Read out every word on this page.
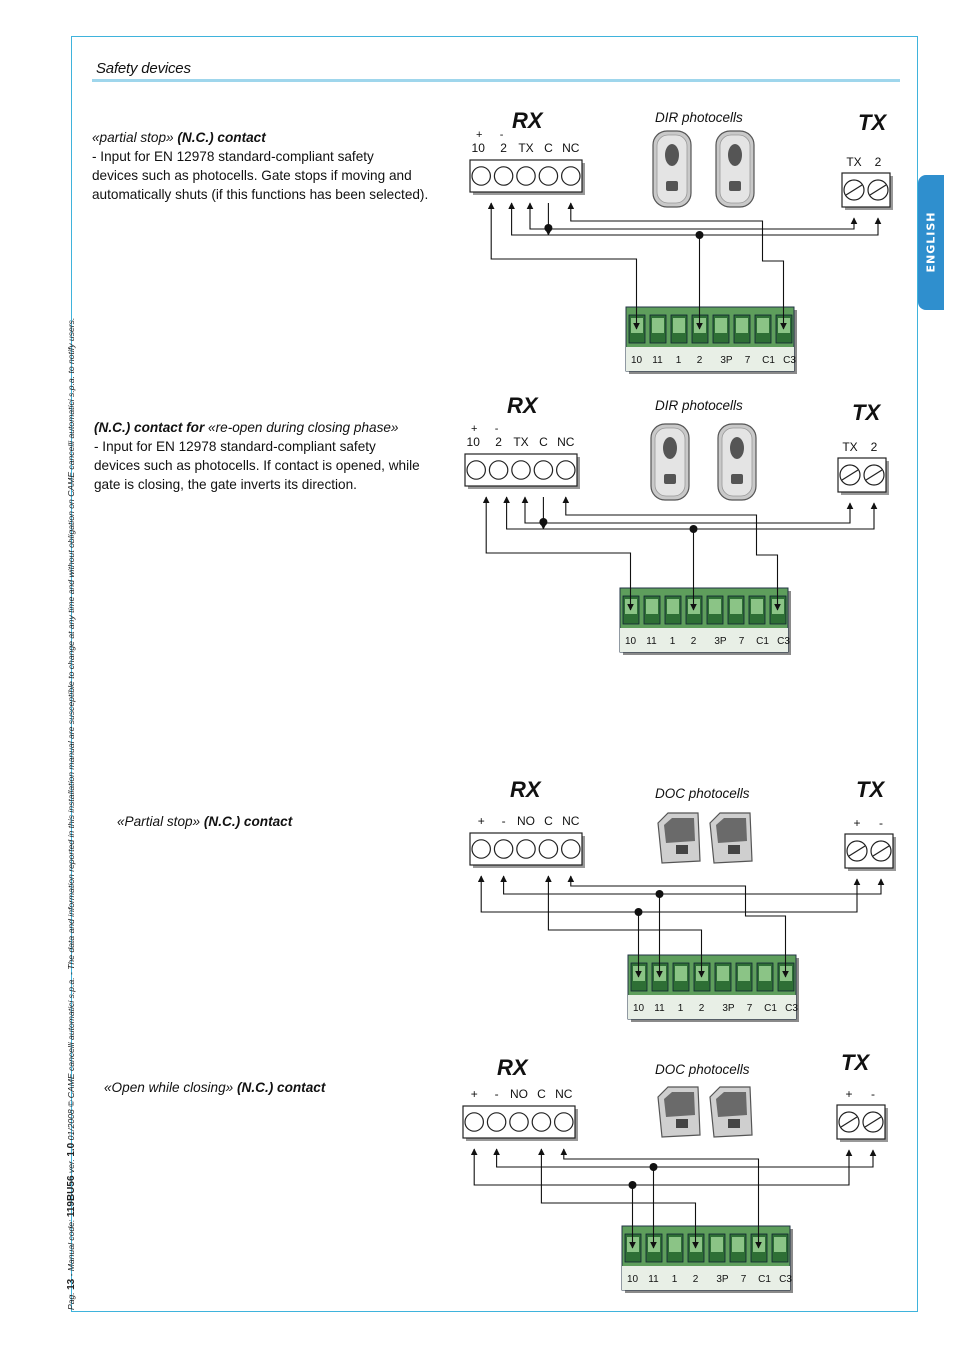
Safety devices
ENGLISH
Pag. 13 - Manual code: 119BU56 ver. 1.0 01/2008 © CAME cancelli automatici s.p.a. - The data and information reported in this installation manual are susceptible to change at any time and without obligation on CAME cancelli automatici s.p.a. to notify users.
«partial stop» (N.C.) contact
- Input for EN 12978 standard-compliant safety
devices such as photocells. Gate stops if moving and
automatically shuts (if this functions has been selected).
(N.C.) contact for «re-open during closing phase»
- Input for EN 12978 standard-compliant safety
devices such as photocells. If contact is opened, while
gate is closing, the gate inverts its direction.
«Partial stop» (N.C.) contact
«Open while closing» (N.C.) contact
RX	TX
DIR photocells
10 2 TX C NC
+ -
TX 2
10 11 1 2 3P 7 C1 C3
RX	TX
DIR photocells
10 2 TX C NC
+ -
TX 2
10 11 1 2 3P 7 C1 C3
RX	TX
DOC photocells
+ - NO C NC	+ -
10 11 1 2 3P 7 C1 C3
RX	TX
DOC photocells
+ - NO C NC	+ -
10 11 1 2 3P 7 C1 C3
